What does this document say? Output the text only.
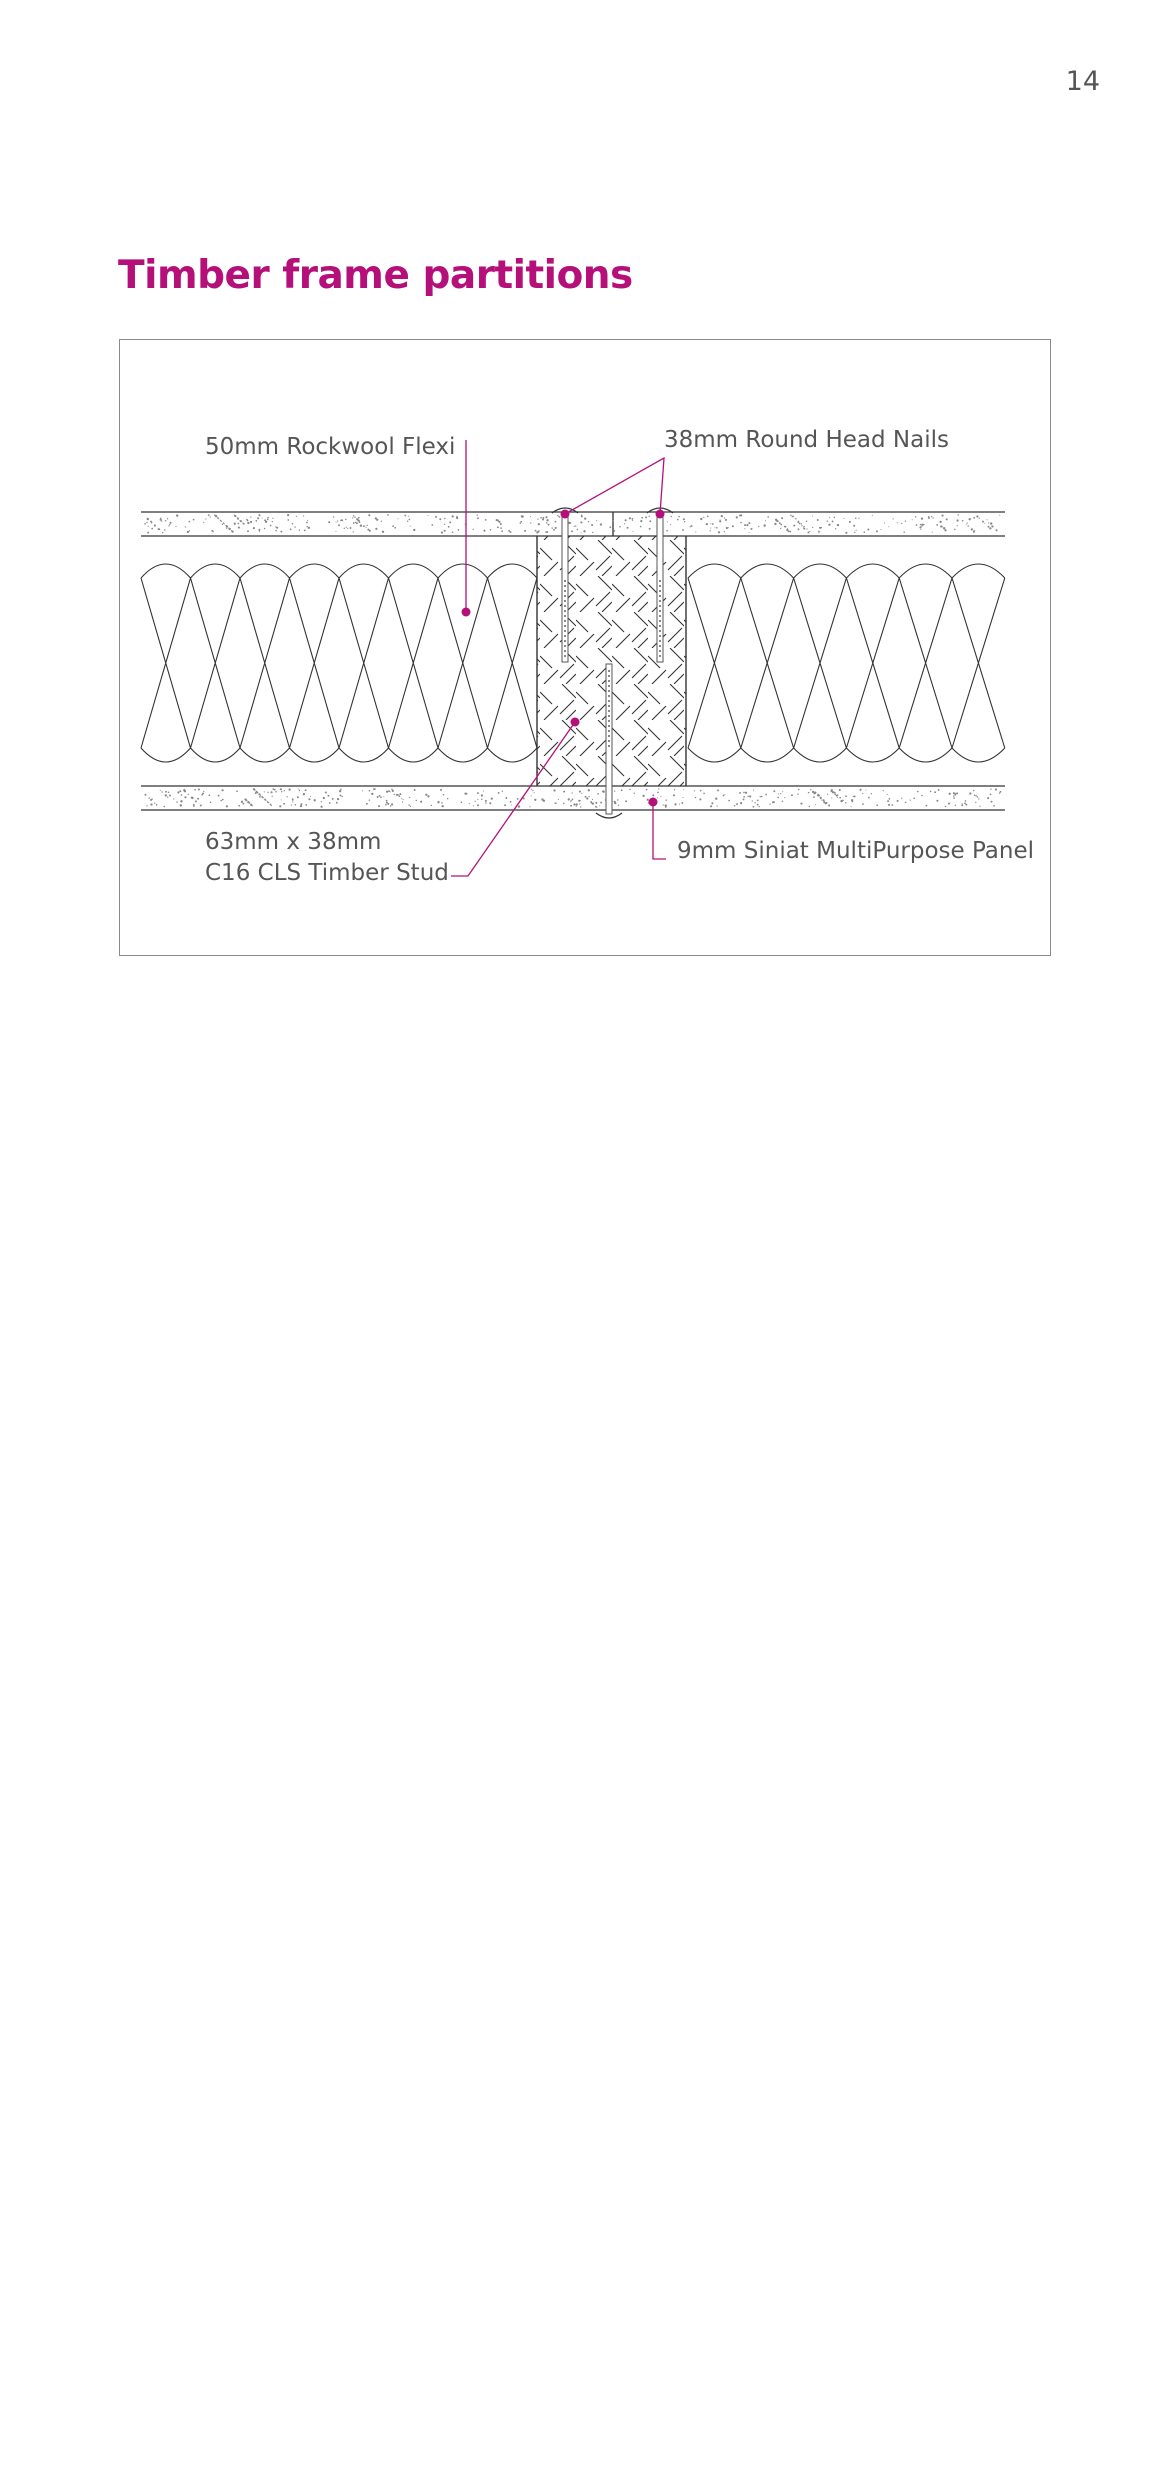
14
Timber frame partitions
50mm Rockwool Flexi	38mm Round Head Nails
63mm x 38mm
C16 CLS Timber Stud
9mm Siniat MultiPurpose Panel
